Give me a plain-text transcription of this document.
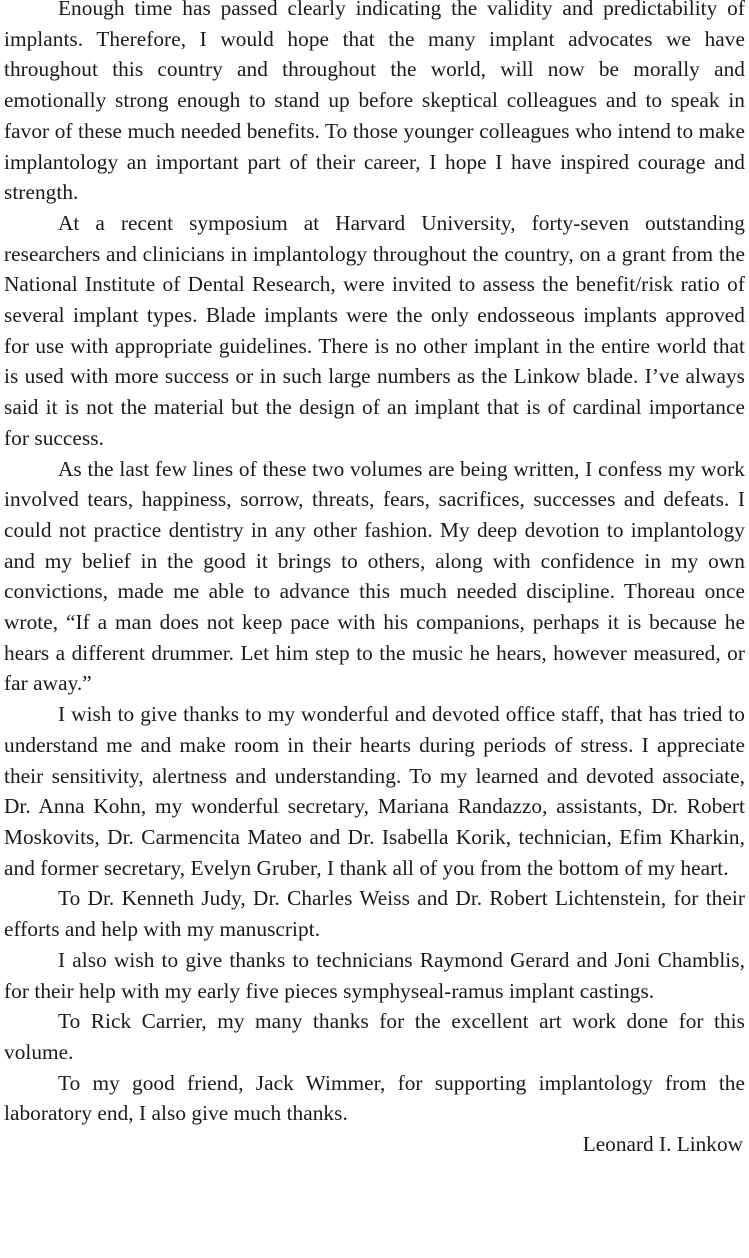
Enough time has passed clearly indicating the validity and predictability of implants. Therefore, I would hope that the many implant advocates we have throughout this country and throughout the world, will now be morally and emotionally strong enough to stand up before skeptical colleagues and to speak in favor of these much needed benefits. To those younger colleagues who intend to make implantology an important part of their career, I hope I have inspired courage and strength.

At a recent symposium at Harvard University, forty-seven outstanding researchers and clinicians in implantology throughout the country, on a grant from the National Institute of Dental Research, were invited to assess the benefit/risk ratio of several implant types. Blade implants were the only endosseous implants approved for use with appropriate guidelines. There is no other implant in the entire world that is used with more success or in such large numbers as the Linkow blade. I’ve always said it is not the material but the design of an implant that is of cardinal importance for success.

As the last few lines of these two volumes are being written, I confess my work involved tears, happiness, sorrow, threats, fears, sacrifices, successes and defeats. I could not practice dentistry in any other fashion. My deep devotion to implantology and my belief in the good it brings to others, along with confidence in my own convictions, made me able to advance this much needed discipline. Thoreau once wrote, “If a man does not keep pace with his companions, perhaps it is because he hears a different drummer. Let him step to the music he hears, however measured, or far away.”

I wish to give thanks to my wonderful and devoted office staff, that has tried to understand me and make room in their hearts during periods of stress. I appreciate their sensitivity, alertness and understanding. To my learned and devoted associate, Dr. Anna Kohn, my wonderful secretary, Mariana Randazzo, assistants, Dr. Robert Moskovits, Dr. Carmencita Mateo and Dr. Isabella Korik, technician, Efim Kharkin, and former secretary, Evelyn Gruber, I thank all of you from the bottom of my heart.

To Dr. Kenneth Judy, Dr. Charles Weiss and Dr. Robert Lichtenstein, for their efforts and help with my manuscript.

I also wish to give thanks to technicians Raymond Gerard and Joni Chamblis, for their help with my early five pieces symphyseal-ramus implant castings.

To Rick Carrier, my many thanks for the excellent art work done for this volume.

To my good friend, Jack Wimmer, for supporting implantology from the laboratory end, I also give much thanks.

Leonard I. Linkow
